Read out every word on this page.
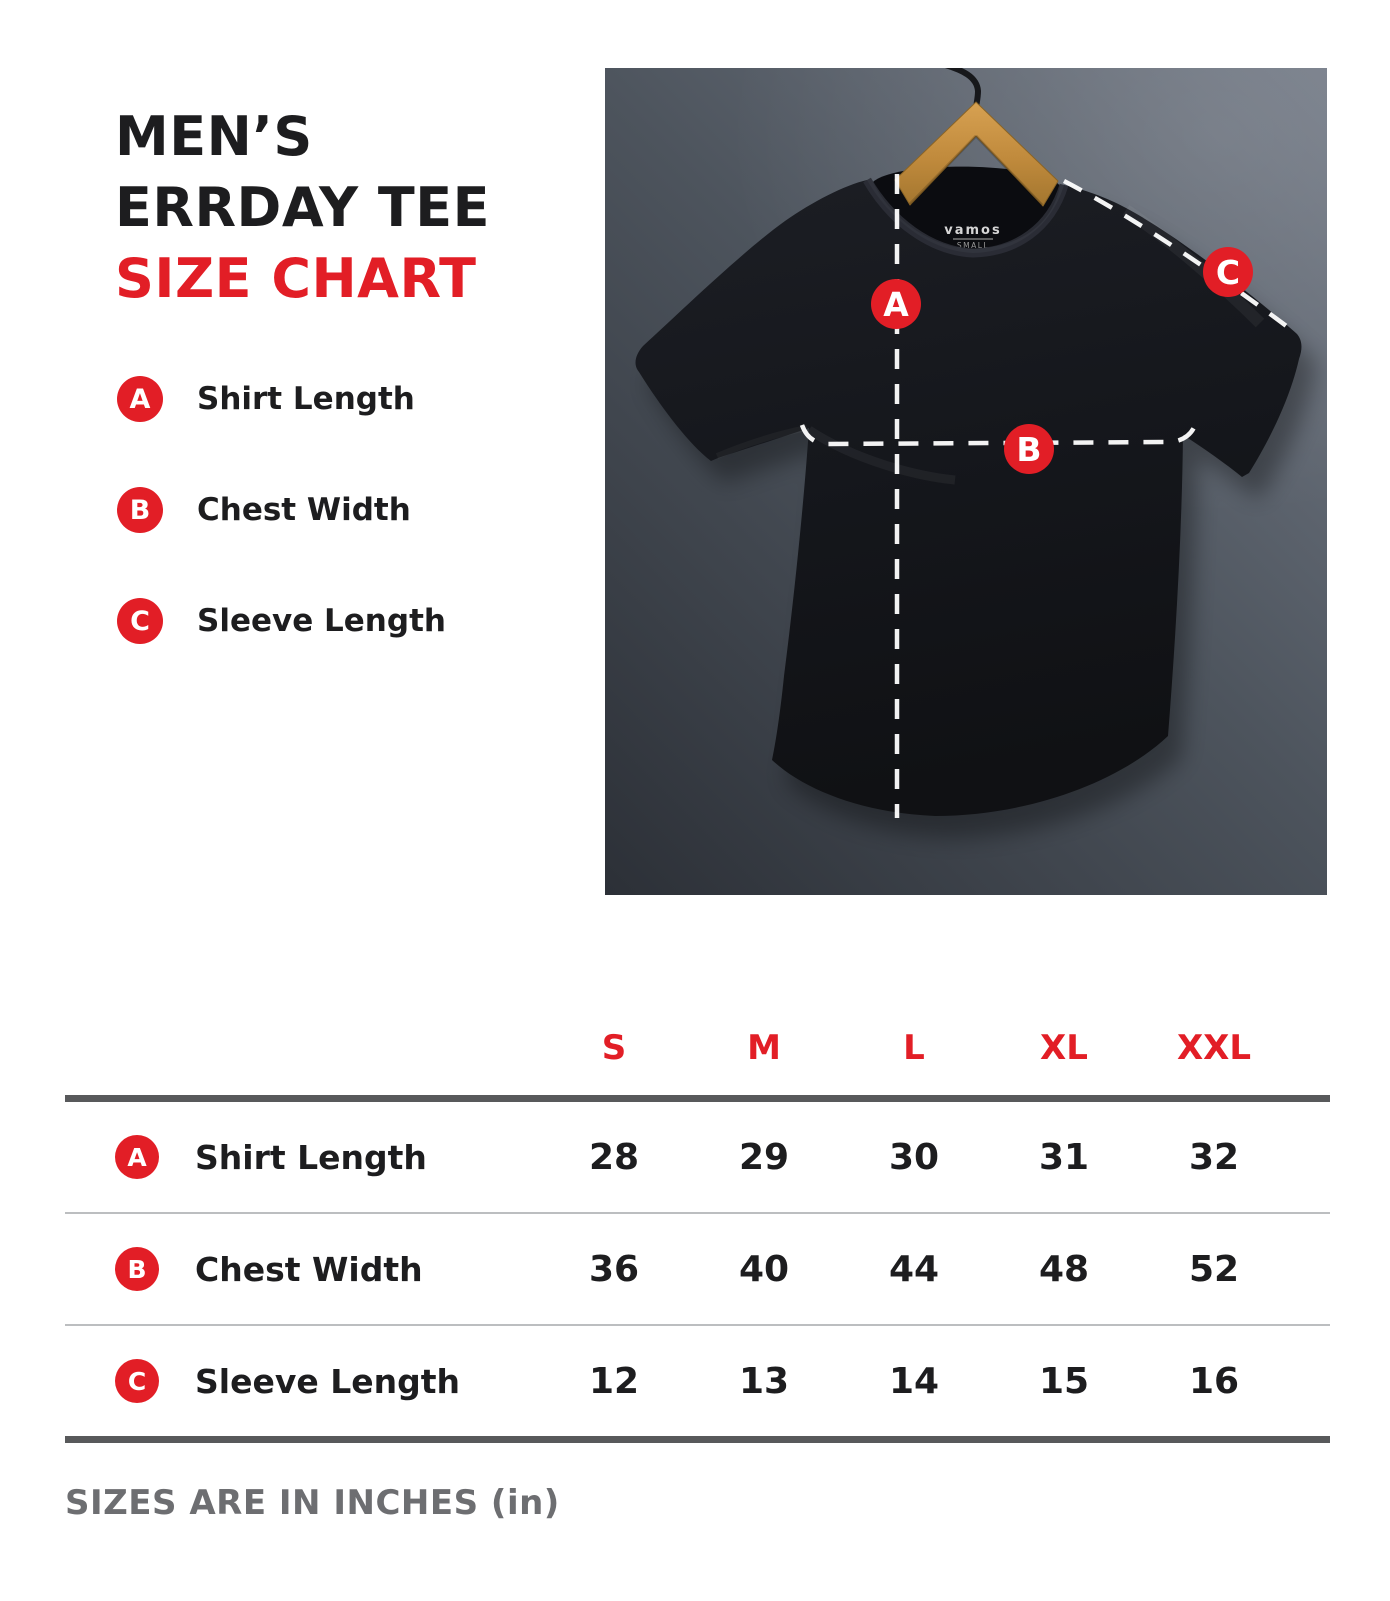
MEN’S
ERRDAY TEE
SIZE CHART
A	Shirt Length
B	Chest Width
C	Sleeve Length
vamos
SMALL
A
B
C
S	M	L	XL	XXL
A	Shirt Length	28	29	30	31	32
B	Chest Width	36	40	44	48	52
C	Sleeve Length	12	13	14	15	16
SIZES ARE IN INCHES (in)
